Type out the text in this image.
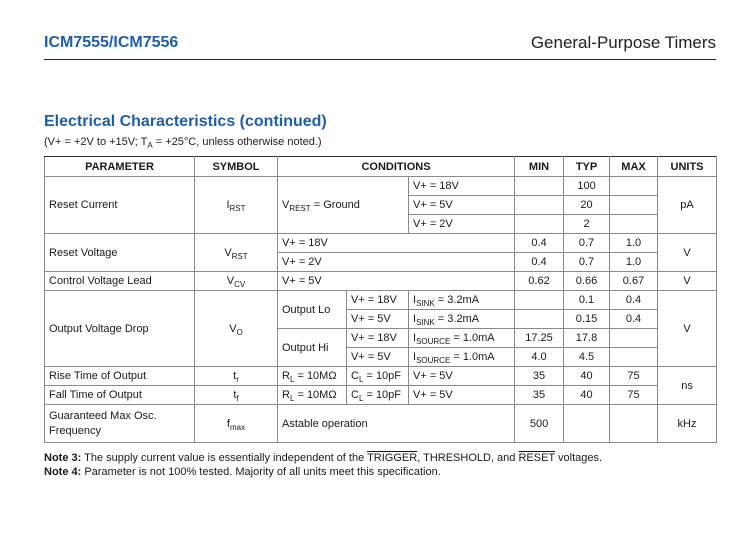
ICM7555/ICM7556	General-Purpose Timers
Electrical Characteristics (continued)
(V+ = +2V to +15V; $T_A = +25^\circ C$, unless otherwise noted.)
PARAMETER	SYMBOL	CONDITIONS			MIN	TYP	MAX	UNITS
Reset Current	$I_{RST}$	$V_{REST}$ = Ground		V+ = 18V		100		pA
				V+ = 5V		20		
				V+ = 2V		2		
Reset Voltage	$V_{RST}$	V+ = 18V			0.4	0.7	1.0	V
		V+ = 2V			0.4	0.7	1.0	
Control Voltage Lead	$V_{CV}$	V+ = 5V			0.62	0.66	0.67	V
Output Voltage Drop	$V_O$	Output Lo	V+ = 18V	$I_{SINK} = 3.2mA$		0.1	0.4	V
			V+ = 5V	$I_{SINK} = 3.2mA$		0.15	0.4	
		Output Hi	V+ = 18V	$I_{SOURCE} = 1.0mA$	17.25	17.8		
			V+ = 5V	$I_{SOURCE} = 1.0mA$	4.0	4.5		
Rise Time of Output	$t_r$	$R_L = 10M\Omega$	$C_L = 10pF$	V+ = 5V	35	40	75	ns
Fall Time of Output	$t_f$	$R_L = 10M\Omega$	$C_L = 10pF$	V+ = 5V	35	40	75	
Guaranteed Max Osc.
Frequency	$f_{max}$	Astable operation			500			kHz
Note 3: The supply current value is essentially independent of the TRIGGER, THRESHOLD, and RESET voltages.
Note 4: Parameter is not 100% tested. Majority of all units meet this specification.
